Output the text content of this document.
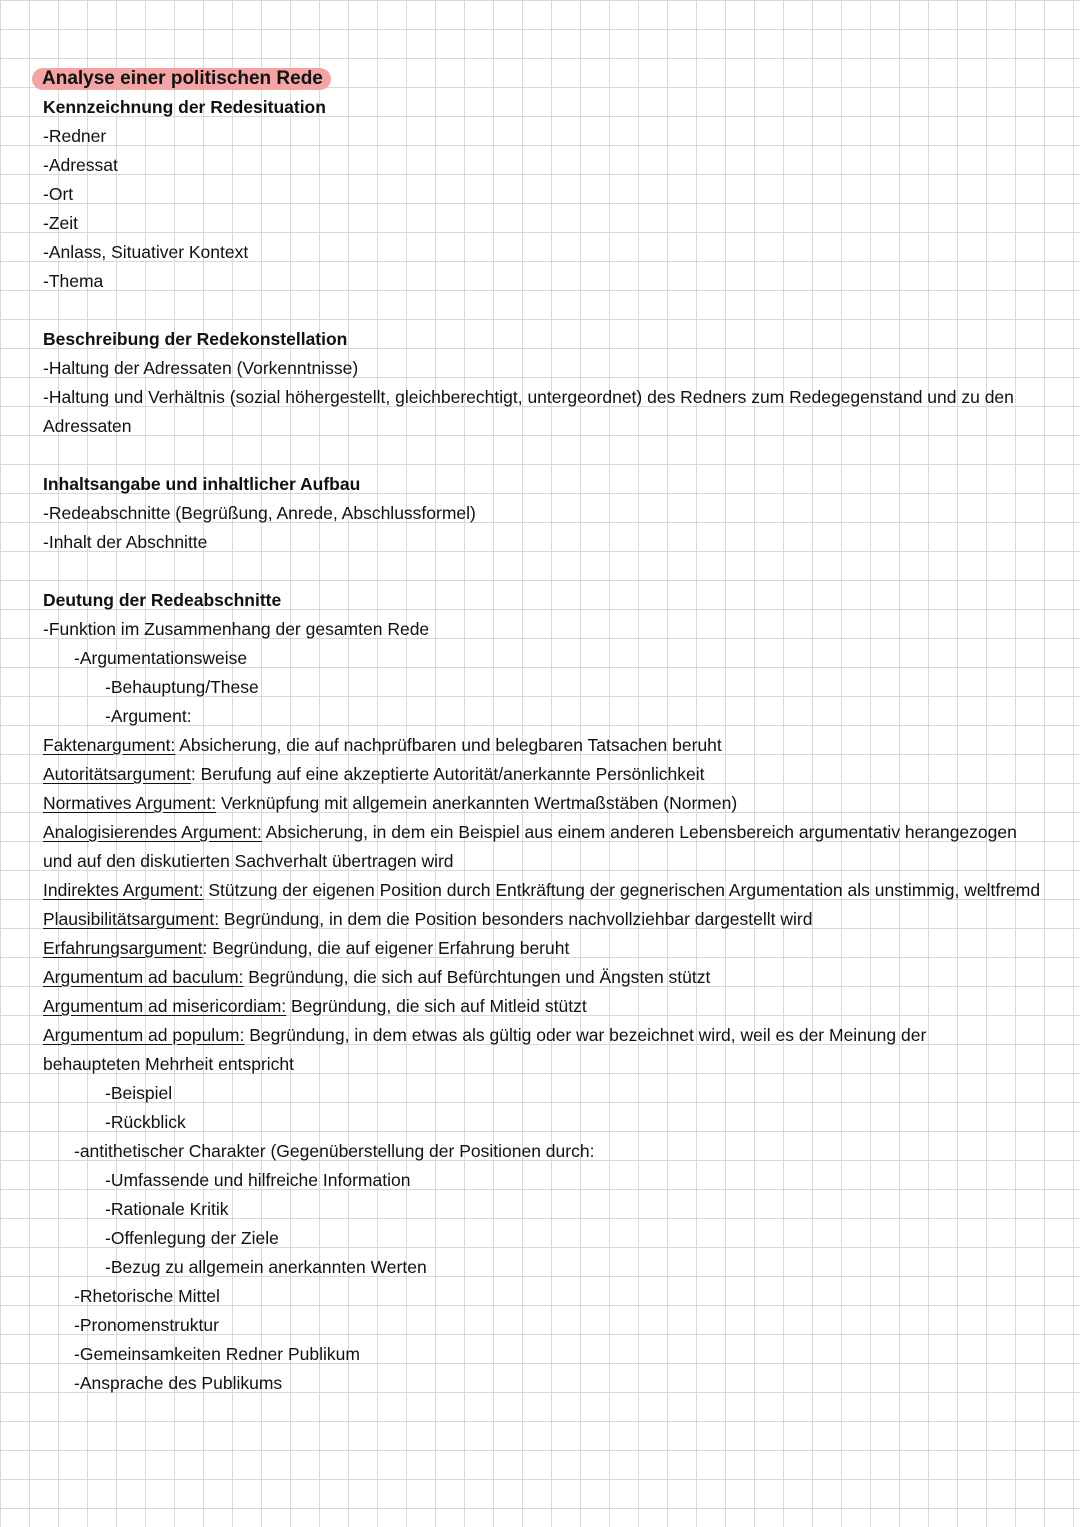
Analyse einer politischen Rede
Kennzeichnung der Redesituation
-Redner
-Adressat
-Ort
-Zeit
-Anlass, Situativer Kontext
-Thema
Beschreibung der Redekonstellation
-Haltung der Adressaten (Vorkenntnisse)
-Haltung und Verhältnis (sozial höhergestellt, gleichberechtigt, untergeordnet) des Redners zum Redegegenstand und zu den Adressaten
Inhaltsangabe und inhaltlicher Aufbau
-Redeabschnitte (Begrüßung, Anrede, Abschlussformel)
-Inhalt der Abschnitte
Deutung der Redeabschnitte
-Funktion im Zusammenhang der gesamten Rede
-Argumentationsweise
-Behauptung/These
-Argument:
Faktenargument: Absicherung, die auf nachprüfbaren und belegbaren Tatsachen beruht
Autoritätsargument: Berufung auf eine akzeptierte Autorität/anerkannte Persönlichkeit
Normatives Argument: Verknüpfung mit allgemein anerkannten Wertmaßstäben (Normen)
Analogisierendes Argument: Absicherung, in dem ein Beispiel aus einem anderen Lebensbereich argumentativ herangezogen und auf den diskutierten Sachverhalt übertragen wird
Indirektes Argument: Stützung der eigenen Position durch Entkräftung der gegnerischen Argumentation als unstimmig, weltfremd
Plausibilitätsargument: Begründung, in dem die Position besonders nachvollziehbar dargestellt wird
Erfahrungsargument: Begründung, die auf eigener Erfahrung beruht
Argumentum ad baculum: Begründung, die sich auf Befürchtungen und Ängsten stützt
Argumentum ad misericordiam: Begründung, die sich auf Mitleid stützt
Argumentum ad populum: Begründung, in dem etwas als gültig oder war bezeichnet wird, weil es der Meinung der behaupteten Mehrheit entspricht
-Beispiel
-Rückblick
-antithetischer Charakter (Gegenüberstellung der Positionen durch:
-Umfassende und hilfreiche Information
-Rationale Kritik
-Offenlegung der Ziele
-Bezug zu allgemein anerkannten Werten
-Rhetorische Mittel
-Pronomenstruktur
-Gemeinsamkeiten Redner Publikum
-Ansprache des Publikums
